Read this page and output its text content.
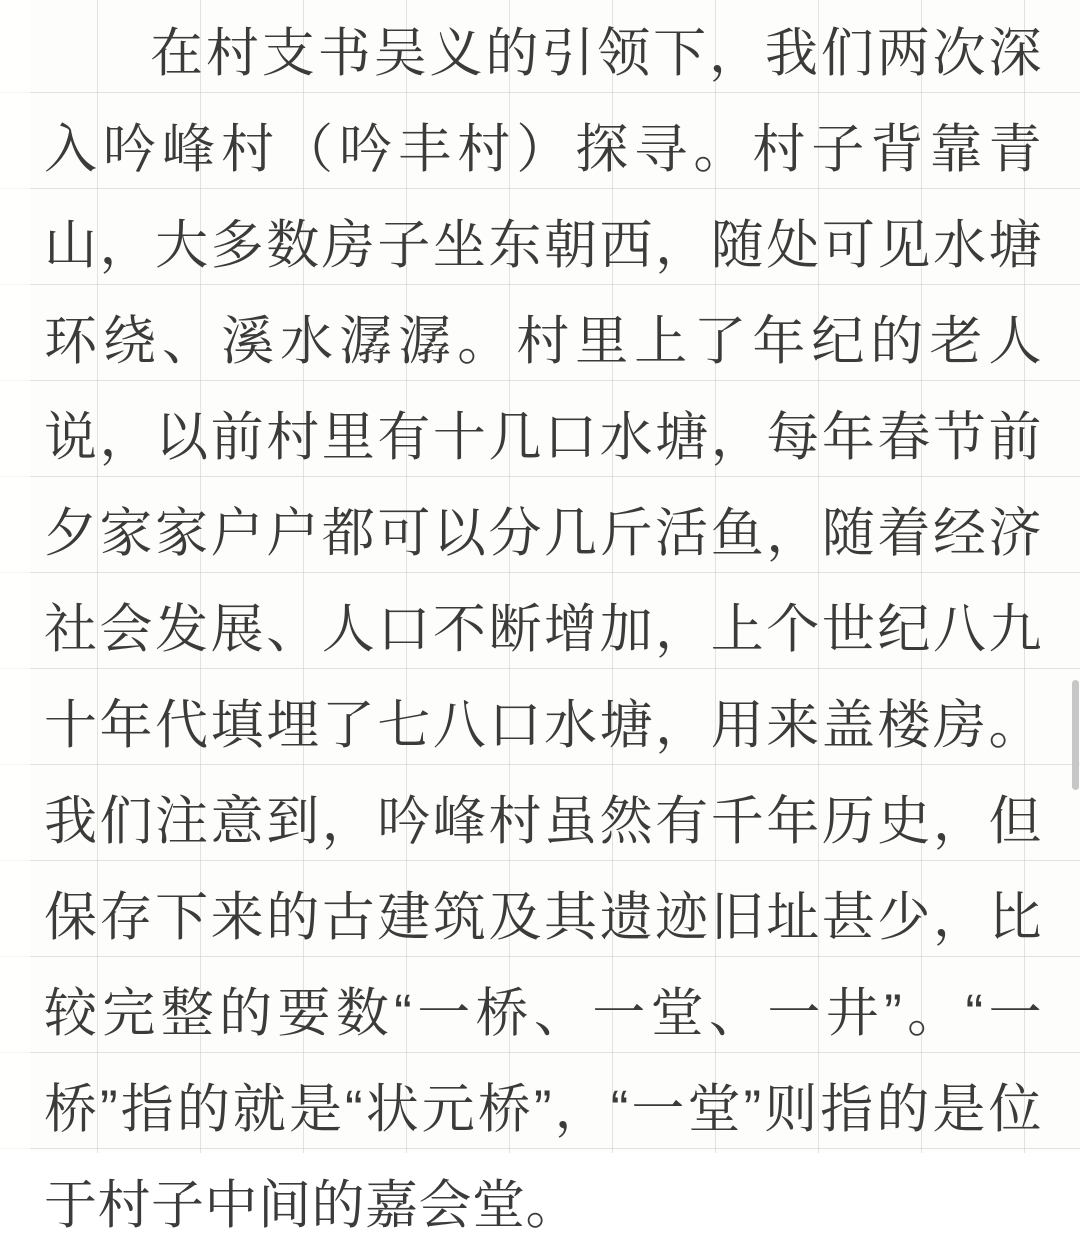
在村支书吴义的引领下，我们两次深入吟峰村（吟丰村）探寻。村子背靠青山，大多数房子坐东朝西，随处可见水塘环绕、溪水潺潺。村里上了年纪的老人说，以前村里有十几口水塘，每年春节前夕家家户户都可以分几斤活鱼，随着经济社会发展、人口不断增加，上个世纪八九十年代填埋了七八口水塘，用来盖楼房。我们注意到，吟峰村虽然有千年历史，但保存下来的古建筑及其遗迹旧址甚少，比较完整的要数“一桥、一堂、一井”。“一桥”指的就是“状元桥”，“一堂”则指的是位于村子中间的嘉会堂。
